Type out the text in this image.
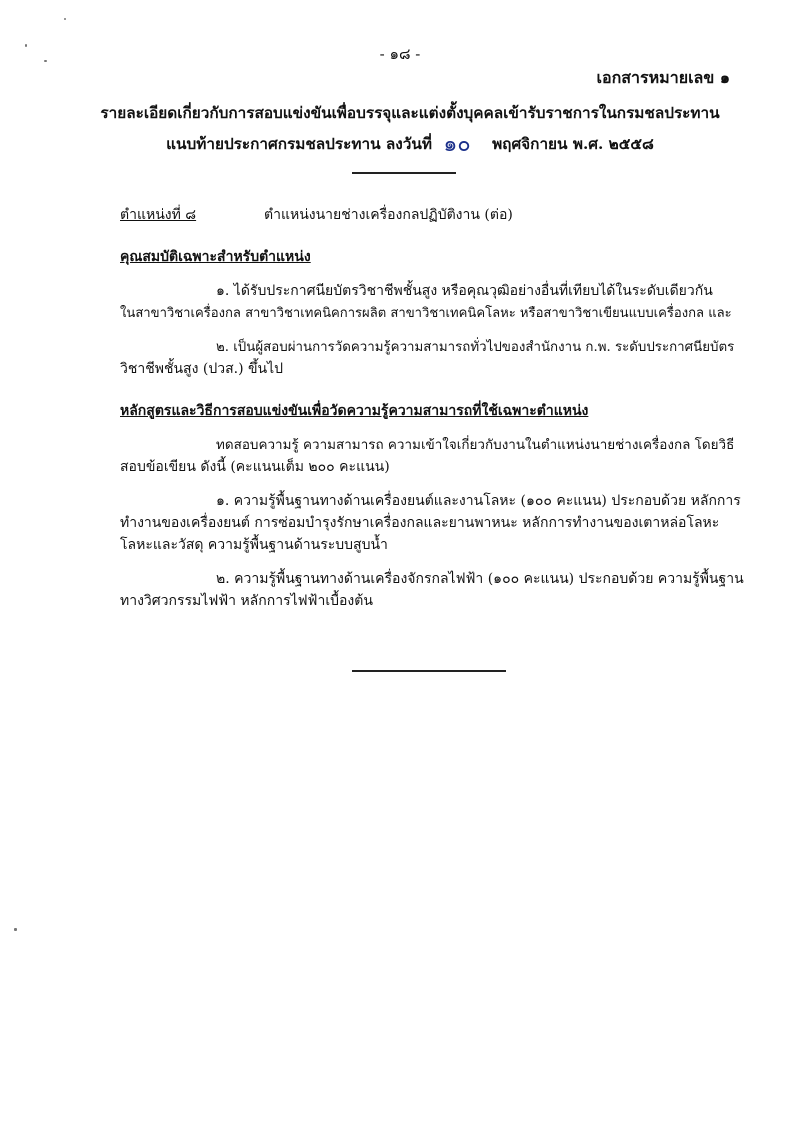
- ๑๘ -
เอกสารหมายเลข ๑
รายละเอียดเกี่ยวกับการสอบแข่งขันเพื่อบรรจุและแต่งตั้งบุคคลเข้ารับราชการในกรมชลประทาน
แนบท้ายประกาศกรมชลประทาน ลงวันที่ ๑๐ พฤศจิกายน พ.ศ. ๒๕๕๘
ตำแหน่งที่ ๘	ตำแหน่งนายช่างเครื่องกลปฏิบัติงาน (ต่อ)
คุณสมบัติเฉพาะสำหรับตำแหน่ง
๑. ได้รับประกาศนียบัตรวิชาชีพชั้นสูง หรือคุณวุฒิอย่างอื่นที่เทียบได้ในระดับเดียวกัน
ในสาขาวิชาเครื่องกล สาขาวิชาเทคนิคการผลิต สาขาวิชาเทคนิคโลหะ หรือสาขาวิชาเขียนแบบเครื่องกล และ
๒. เป็นผู้สอบผ่านการวัดความรู้ความสามารถทั่วไปของสำนักงาน ก.พ. ระดับประกาศนียบัตร
วิชาชีพชั้นสูง (ปวส.) ขึ้นไป
หลักสูตรและวิธีการสอบแข่งขันเพื่อวัดความรู้ความสามารถที่ใช้เฉพาะตำแหน่ง
ทดสอบความรู้ ความสามารถ ความเข้าใจเกี่ยวกับงานในตำแหน่งนายช่างเครื่องกล โดยวิธี
สอบข้อเขียน ดังนี้ (คะแนนเต็ม ๒๐๐ คะแนน)
๑. ความรู้พื้นฐานทางด้านเครื่องยนต์และงานโลหะ (๑๐๐ คะแนน) ประกอบด้วย หลักการ
ทำงานของเครื่องยนต์ การซ่อมบำรุงรักษาเครื่องกลและยานพาหนะ หลักการทำงานของเตาหล่อโลหะ
โลหะและวัสดุ ความรู้พื้นฐานด้านระบบสูบน้ำ
๒. ความรู้พื้นฐานทางด้านเครื่องจักรกลไฟฟ้า (๑๐๐ คะแนน) ประกอบด้วย ความรู้พื้นฐาน
ทางวิศวกรรมไฟฟ้า หลักการไฟฟ้าเบื้องต้น
